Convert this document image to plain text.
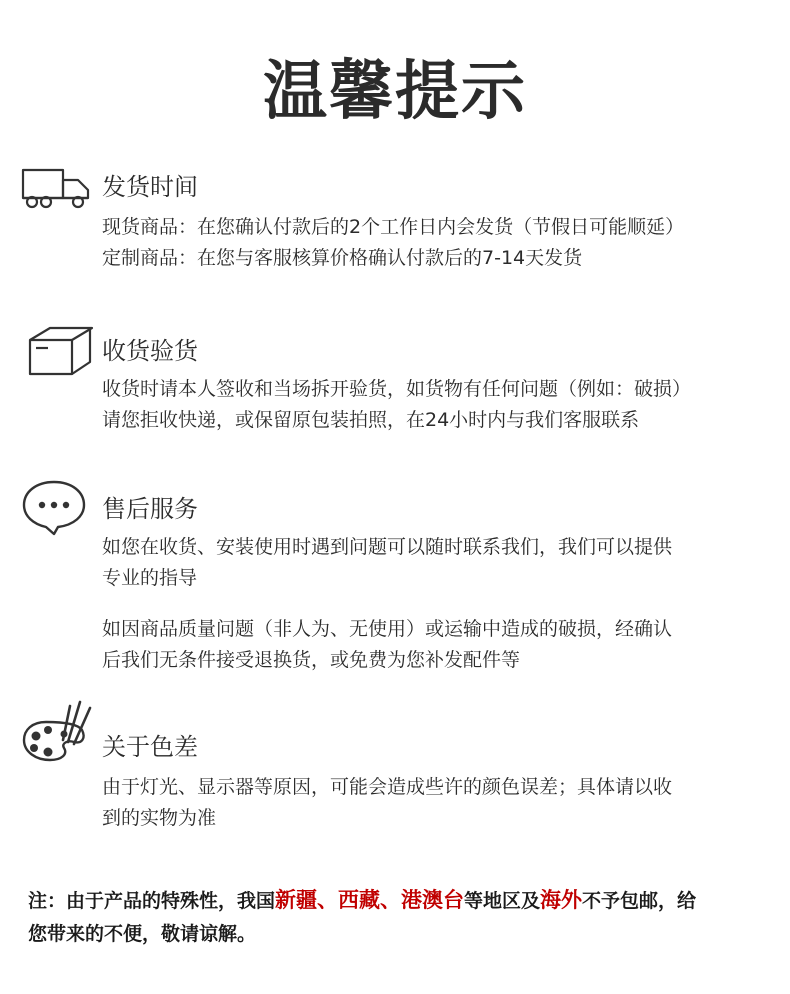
温馨提示
发货时间

现货商品：在您确认付款后的2个工作日内会发货（节假日可能顺延）

定制商品：在您与客服核算价格确认付款后的7-14天发货

收货验货

收货时请本人签收和当场拆开验货，如货物有任何问题（例如：破损）

请您拒收快递，或保留原包装拍照，在24小时内与我们客服联系

售后服务

如您在收货、安装使用时遇到问题可以随时联系我们，我们可以提供

专业的指导

如因商品质量问题（非人为、无使用）或运输中造成的破损，经确认

后我们无条件接受退换货，或免费为您补发配件等

关于色差

由于灯光、显示器等原因，可能会造成些许的颜色误差；具体请以收

到的实物为准

注：由于产品的特殊性，我国新疆、西藏、港澳台等地区及海外不予包邮，给
您带来的不便，敬请谅解。
